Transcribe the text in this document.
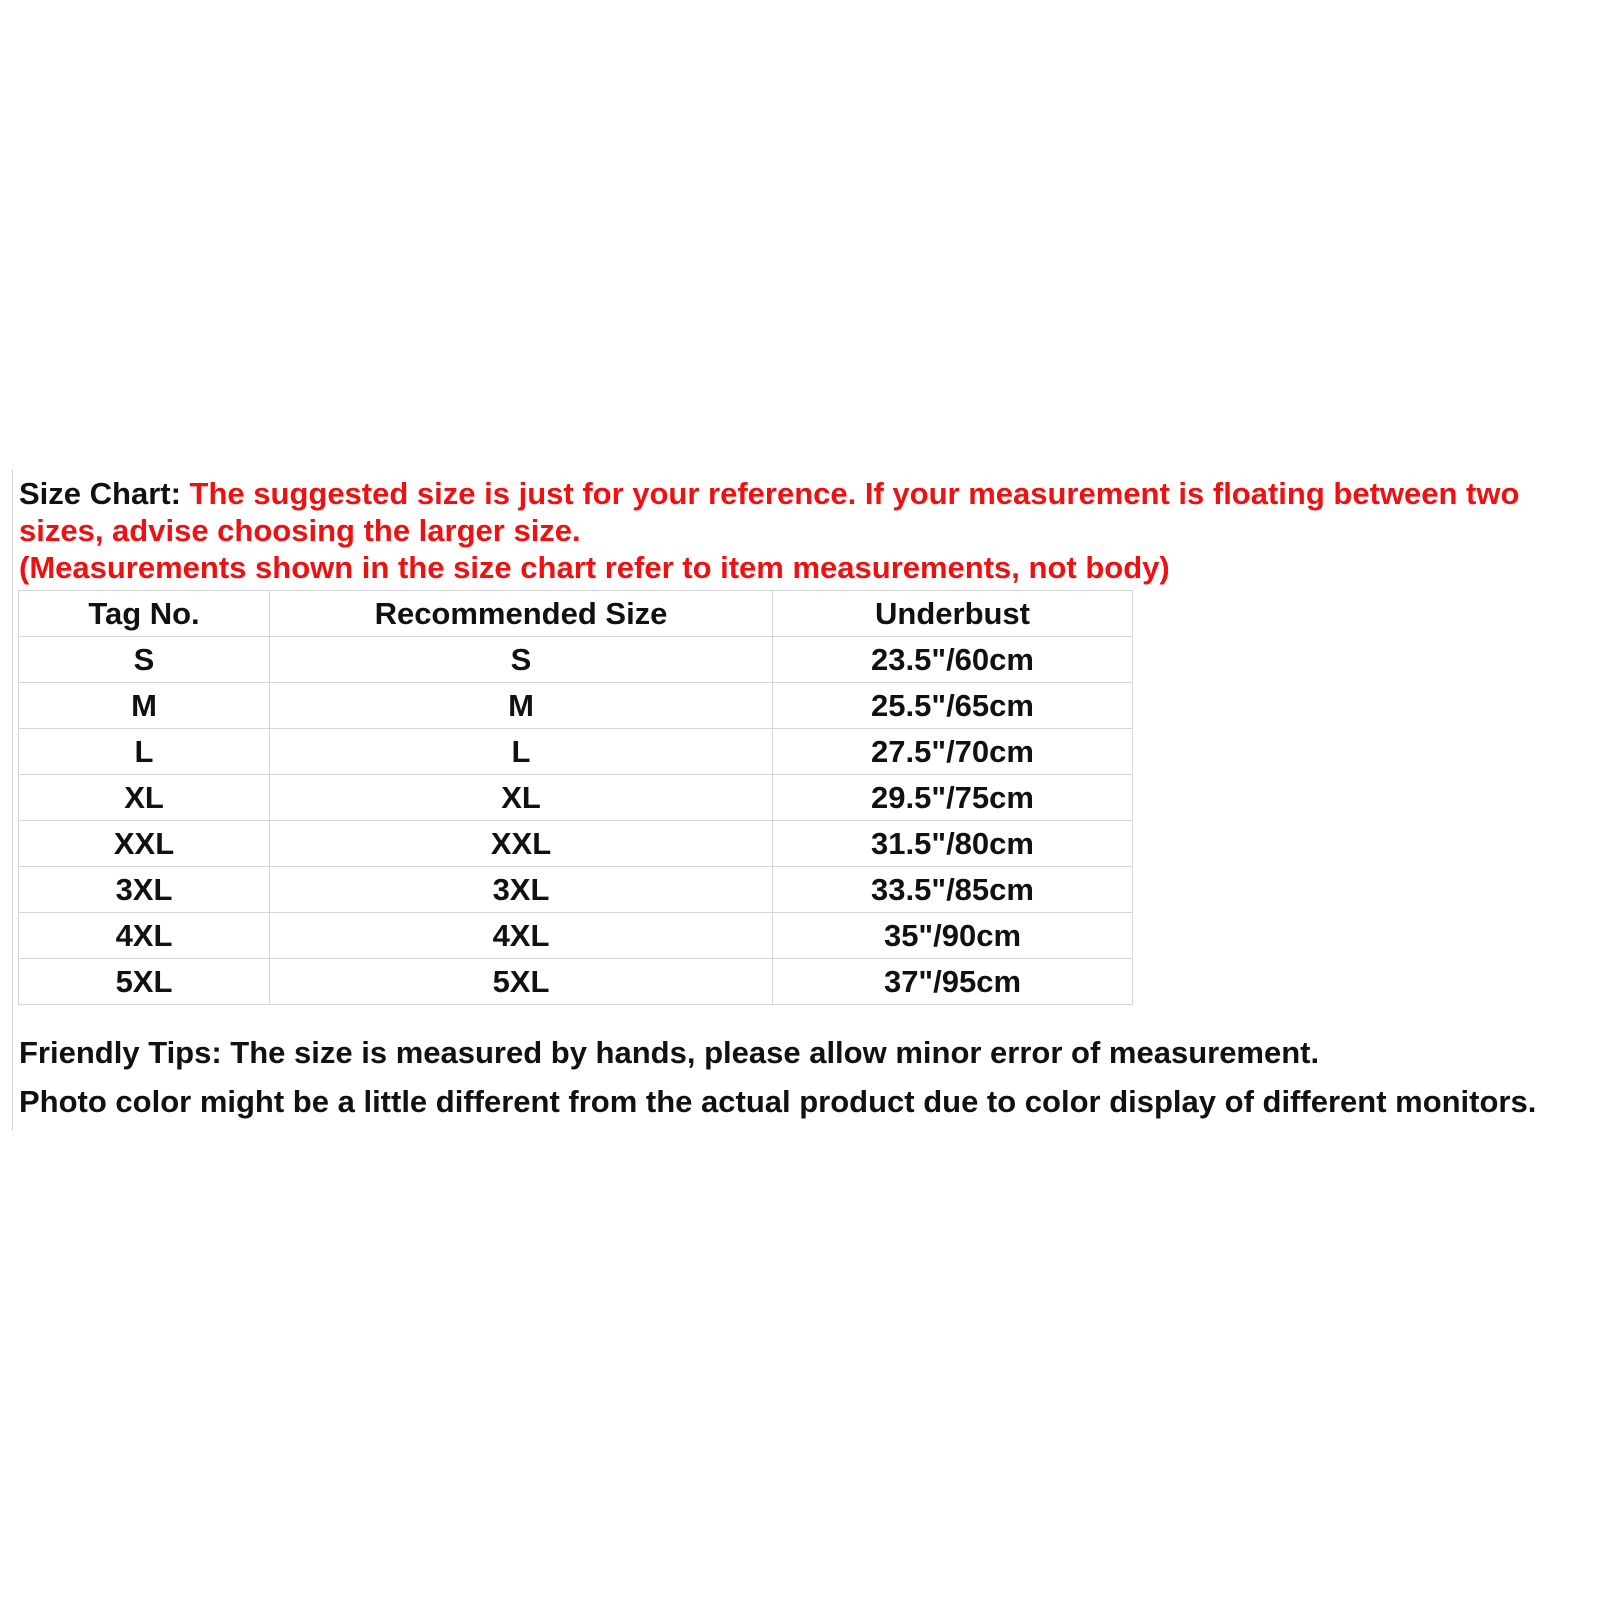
Size Chart: The suggested size is just for your reference. If your measurement is floating between two sizes, advise choosing the larger size.
(Measurements shown in the size chart refer to item measurements, not body)
Tag No.	Recommended Size	Underbust
S	S	23.5"/60cm
M	M	25.5"/65cm
L	L	27.5"/70cm
XL	XL	29.5"/75cm
XXL	XXL	31.5"/80cm
3XL	3XL	33.5"/85cm
4XL	4XL	35"/90cm
5XL	5XL	37"/95cm
Friendly Tips: The size is measured by hands, please allow minor error of measurement.
Photo color might be a little different from the actual product due to color display of different monitors.
